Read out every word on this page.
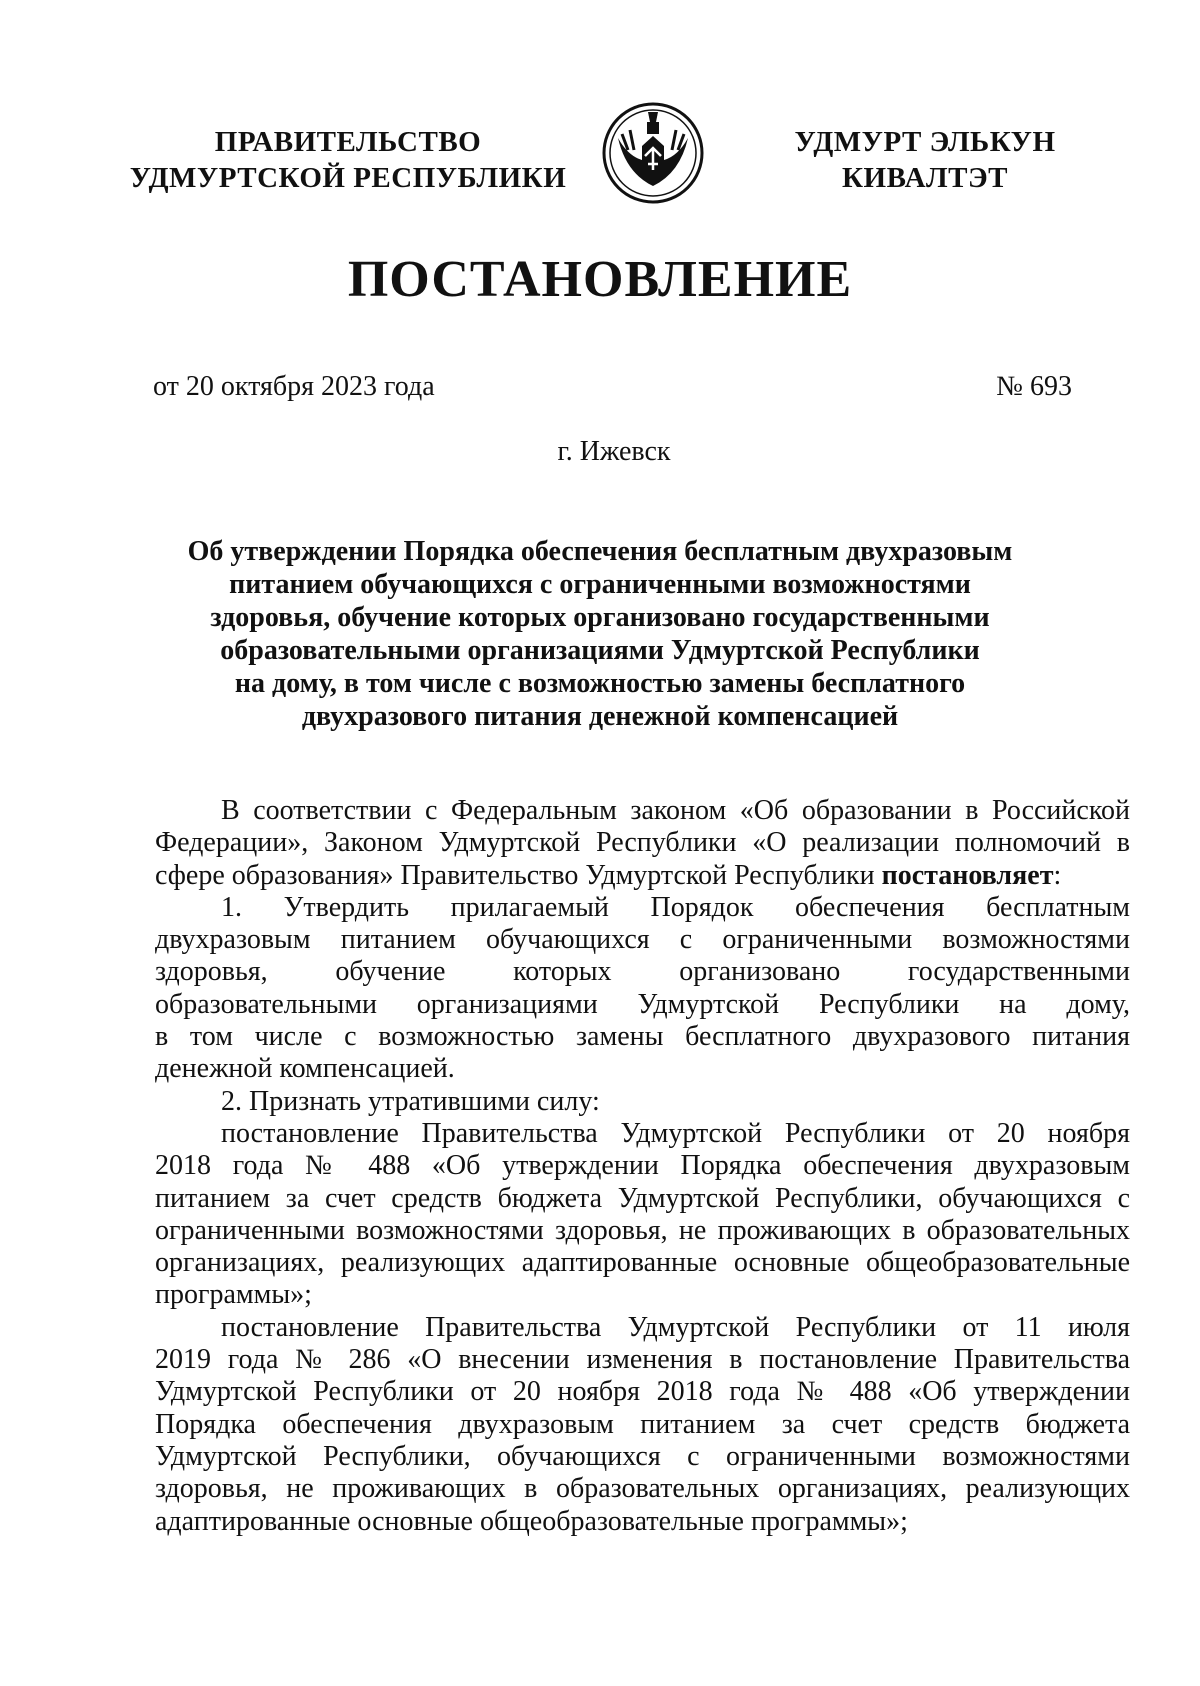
ПРАВИТЕЛЬСТВО
УДМУРТСКОЙ РЕСПУБЛИКИ
УДМУРТ ЭЛЬКУН
КИВАЛТЭТ
ПОСТАНОВЛЕНИЕ
от 20 октября 2023 года	№ 693
г. Ижевск
Об утверждении Порядка обеспечения бесплатным двухразовым
питанием обучающихся с ограниченными возможностями
здоровья, обучение которых организовано государственными
образовательными организациями Удмуртской Республики
на дому, в том числе с возможностью замены бесплатного
двухразового питания денежной компенсацией
В соответствии с Федеральным законом «Об образовании в Российской
Федерации», Законом Удмуртской Республики «О реализации полномочий в
сфере образования» Правительство Удмуртской Республики постановляет:
1. Утвердить прилагаемый Порядок обеспечения бесплатным
двухразовым питанием обучающихся с ограниченными возможностями
здоровья, обучение которых организовано государственными
образовательными организациями Удмуртской Республики на дому,
в том числе с возможностью замены бесплатного двухразового питания
денежной компенсацией.
2. Признать утратившими силу:
постановление Правительства Удмуртской Республики от 20 ноября
2018 года № 488 «Об утверждении Порядка обеспечения двухразовым
питанием за счет средств бюджета Удмуртской Республики, обучающихся с
ограниченными возможностями здоровья, не проживающих в образовательных
организациях, реализующих адаптированные основные общеобразовательные
программы»;
постановление Правительства Удмуртской Республики от 11 июля
2019 года № 286 «О внесении изменения в постановление Правительства
Удмуртской Республики от 20 ноября 2018 года № 488 «Об утверждении
Порядка обеспечения двухразовым питанием за счет средств бюджета
Удмуртской Республики, обучающихся с ограниченными возможностями
здоровья, не проживающих в образовательных организациях, реализующих
адаптированные основные общеобразовательные программы»;
